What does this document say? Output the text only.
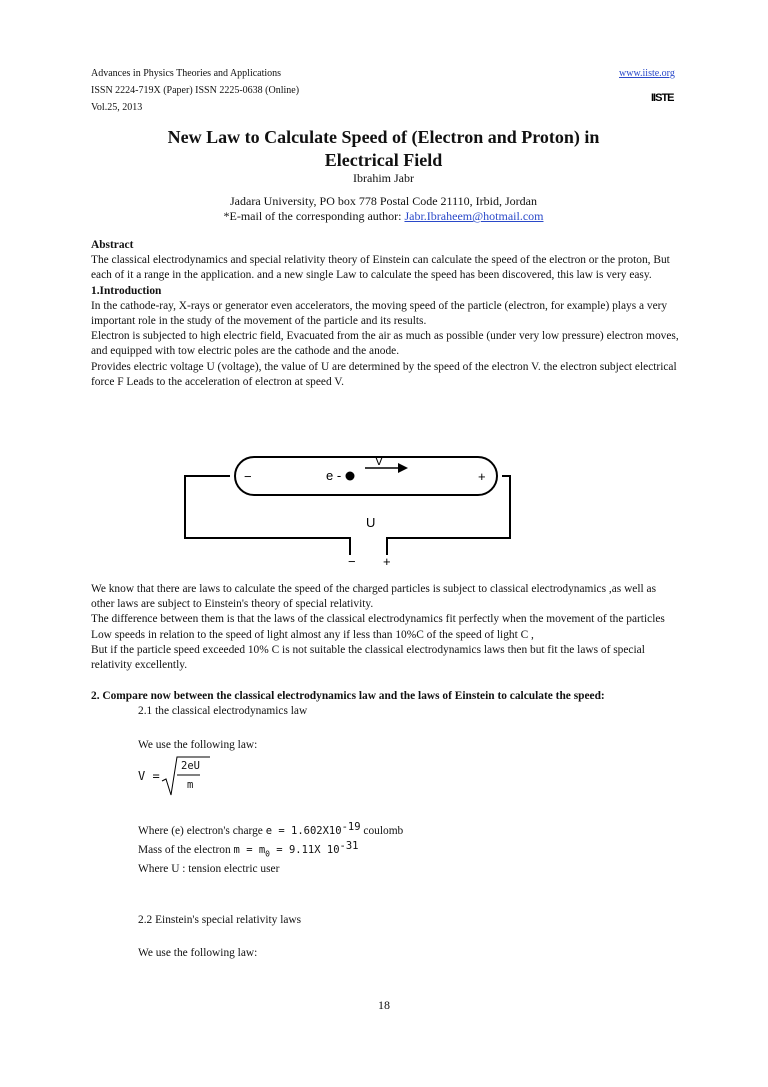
Advances in Physics Theories and Applications
ISSN 2224-719X (Paper) ISSN 2225-0638 (Online)
Vol.25, 2013
www.iiste.org
IISTE
New Law to Calculate Speed of (Electron and Proton) in
Electrical Field
Ibrahim Jabr
Jadara University, PO box 778 Postal Code 21110, Irbid, Jordan
*E-mail of the corresponding author: Jabr.Ibraheem@hotmail.com
Abstract
The classical electrodynamics and special relativity theory of Einstein can calculate the speed of the electron or the proton, But each of it a range in the application. and a new single Law to calculate the speed has been discovered, this law is very easy.
1.Introduction
In the cathode-ray, X-rays or generator even accelerators, the moving speed of the particle (electron, for example) plays a very important role in the study of the movement of the particle and its results.
Electron is subjected to high electric field, Evacuated from the air as much as possible (under very low pressure) electron moves, and equipped with tow electric poles are the cathode and the anode.
Provides electric voltage U (voltage), the value of U are determined by the speed of the electron V. the electron subject electrical force F Leads to the acceleration of electron at speed V.
e -
V
−	+
U
− +
We know that there are laws to calculate the speed of the charged particles is subject to classical electrodynamics ,as well as other laws are subject to Einstein's theory of special relativity.
The difference between them is that the laws of the classical electrodynamics fit perfectly when the movement of the particles Low speeds in relation to the speed of light almost any if less than 10%C of the speed of light C ,
But if the particle speed exceeded 10% C is not suitable the classical electrodynamics laws then but fit the laws of special relativity excellently.
2. Compare now between the classical electrodynamics law and the laws of Einstein to calculate the speed:
2.1 the classical electrodynamics law
We use the following law:
V =
2eU
m
Where (e) electron's charge $e = 1.602X10^{-19}$ coulomb
Mass of the electron $m = m_0 = 9.11X$ $10^{-31}$
Where U : tension electric user
2.2 Einstein's special relativity laws
We use the following law:
18
